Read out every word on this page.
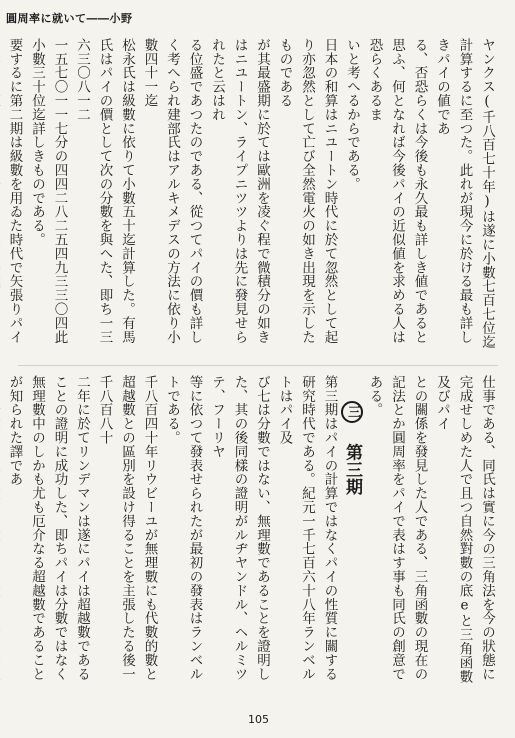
圓周率に就いて――小野
ヤンクス(千八百七十年)は遂に小數七百七位迄計算するに至つた。此れが現今に於ける最も詳しきパイの値であ
る、否恐らくは今後も永久最も詳しき値であると思ふ、何となれば今後パイの近似値を求める人は恐らくあるま
いと考へるからである。
日本の和算はニユートン時代に於て忽然として起り亦忽然として亡び全然電火の如き出現を示したものである
が其最盛期に於ては歐洲を凌ぐ程で微積分の如きはニユートン、ライプニツツよりは先に發見せられたと云はれ
る位盛であつたのである、從つてパイの價も詳しく考へられ建部氏はアルキメデスの方法に依り小數四十一迄
松永氏は級數に依りて小數五十迄計算した。有馬氏はパイの價として次の分數を與へた、即ち一三六三〇八一二
一五七〇一一七分の四四二八二五四九三三〇四此
小數三十位迄詳しきものである。
要するに第二期は級數を用ゐた時代で矢張りパイ
仕事である、同氏は實に今の三角法を今の狀態に完成せしめた人で且つ自然對數の底eと三角函數及びパイ
との關係を發見した人である、三角函數の現在の記法とか圓周率をパイで表はす事も同氏の創意である。
三 第三期
第三期はパイの計算ではなくパイの性質に關する研究時代である。紀元一千七百六十八年ランベルトはパイ及
び七は分數ではない、無理數であることを證明した、其の後同樣の證明がルヂヤンドル、ヘルミツテ、フーリヤ
等に依つて發表せられたが最初の發表はランベルトである。
千八百四十年リウビーユが無理數にも代數的數と超越數との區別を設け得ることを主張したる後一千八百八十
二年に於てリンデマンは遂にパイは超越數であることの證明に成功した、即ちパイは分數ではなく無理數中のしかも尤も厄介なる超越數であることが知られた譯であ
105
